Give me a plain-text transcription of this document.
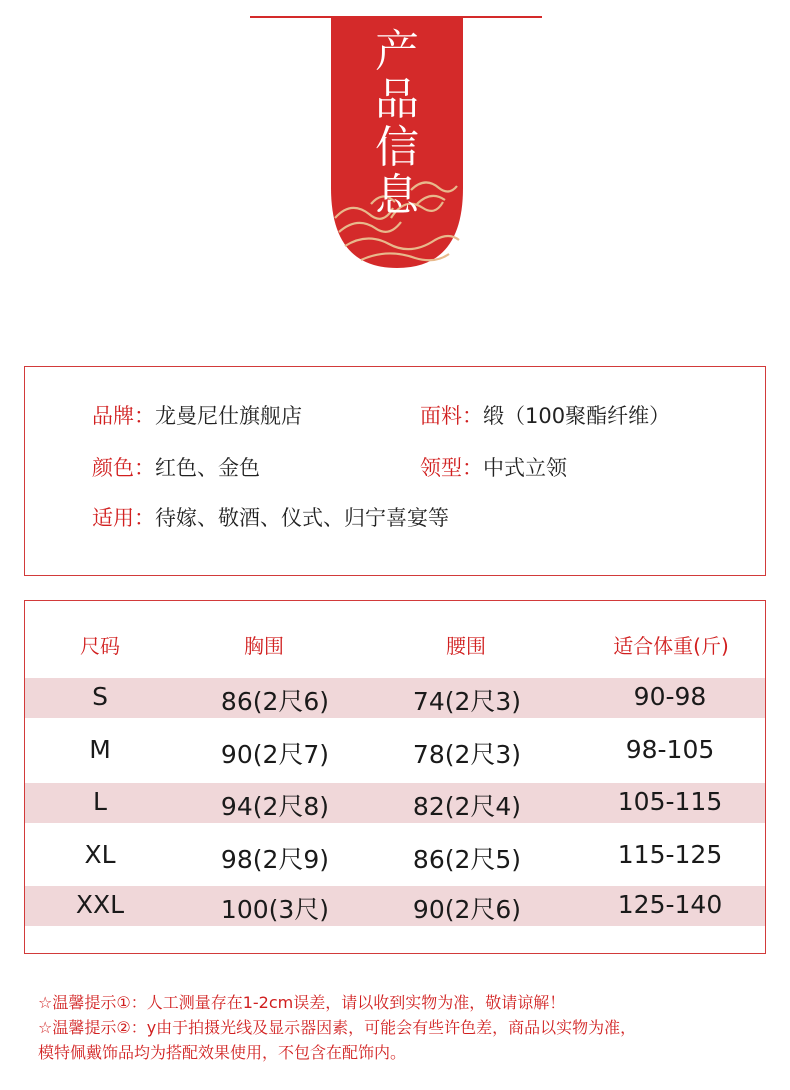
产
品
信
息
品牌： 龙曼尼仕旗舰店	面料： 缎（100聚酯纤维）
颜色： 红色、金色	领型： 中式立领
适用： 待嫁、敬酒、仪式、归宁喜宴等
尺码	胸围	腰围	适合体重(斤)
S	86(2尺6)	74(2尺3)	90-98
M	90(2尺7)	78(2尺3)	98-105
L	94(2尺8)	82(2尺4)	105-115
XL	98(2尺9)	86(2尺5)	115-125
XXL	100(3尺)	90(2尺6)	125-140
☆温馨提示①：人工测量存在1-2cm误差，请以收到实物为准，敬请谅解！
☆温馨提示②：y由于拍摄光线及显示器因素，可能会有些许色差，商品以实物为准，
模特佩戴饰品均为搭配效果使用，不包含在配饰内。
